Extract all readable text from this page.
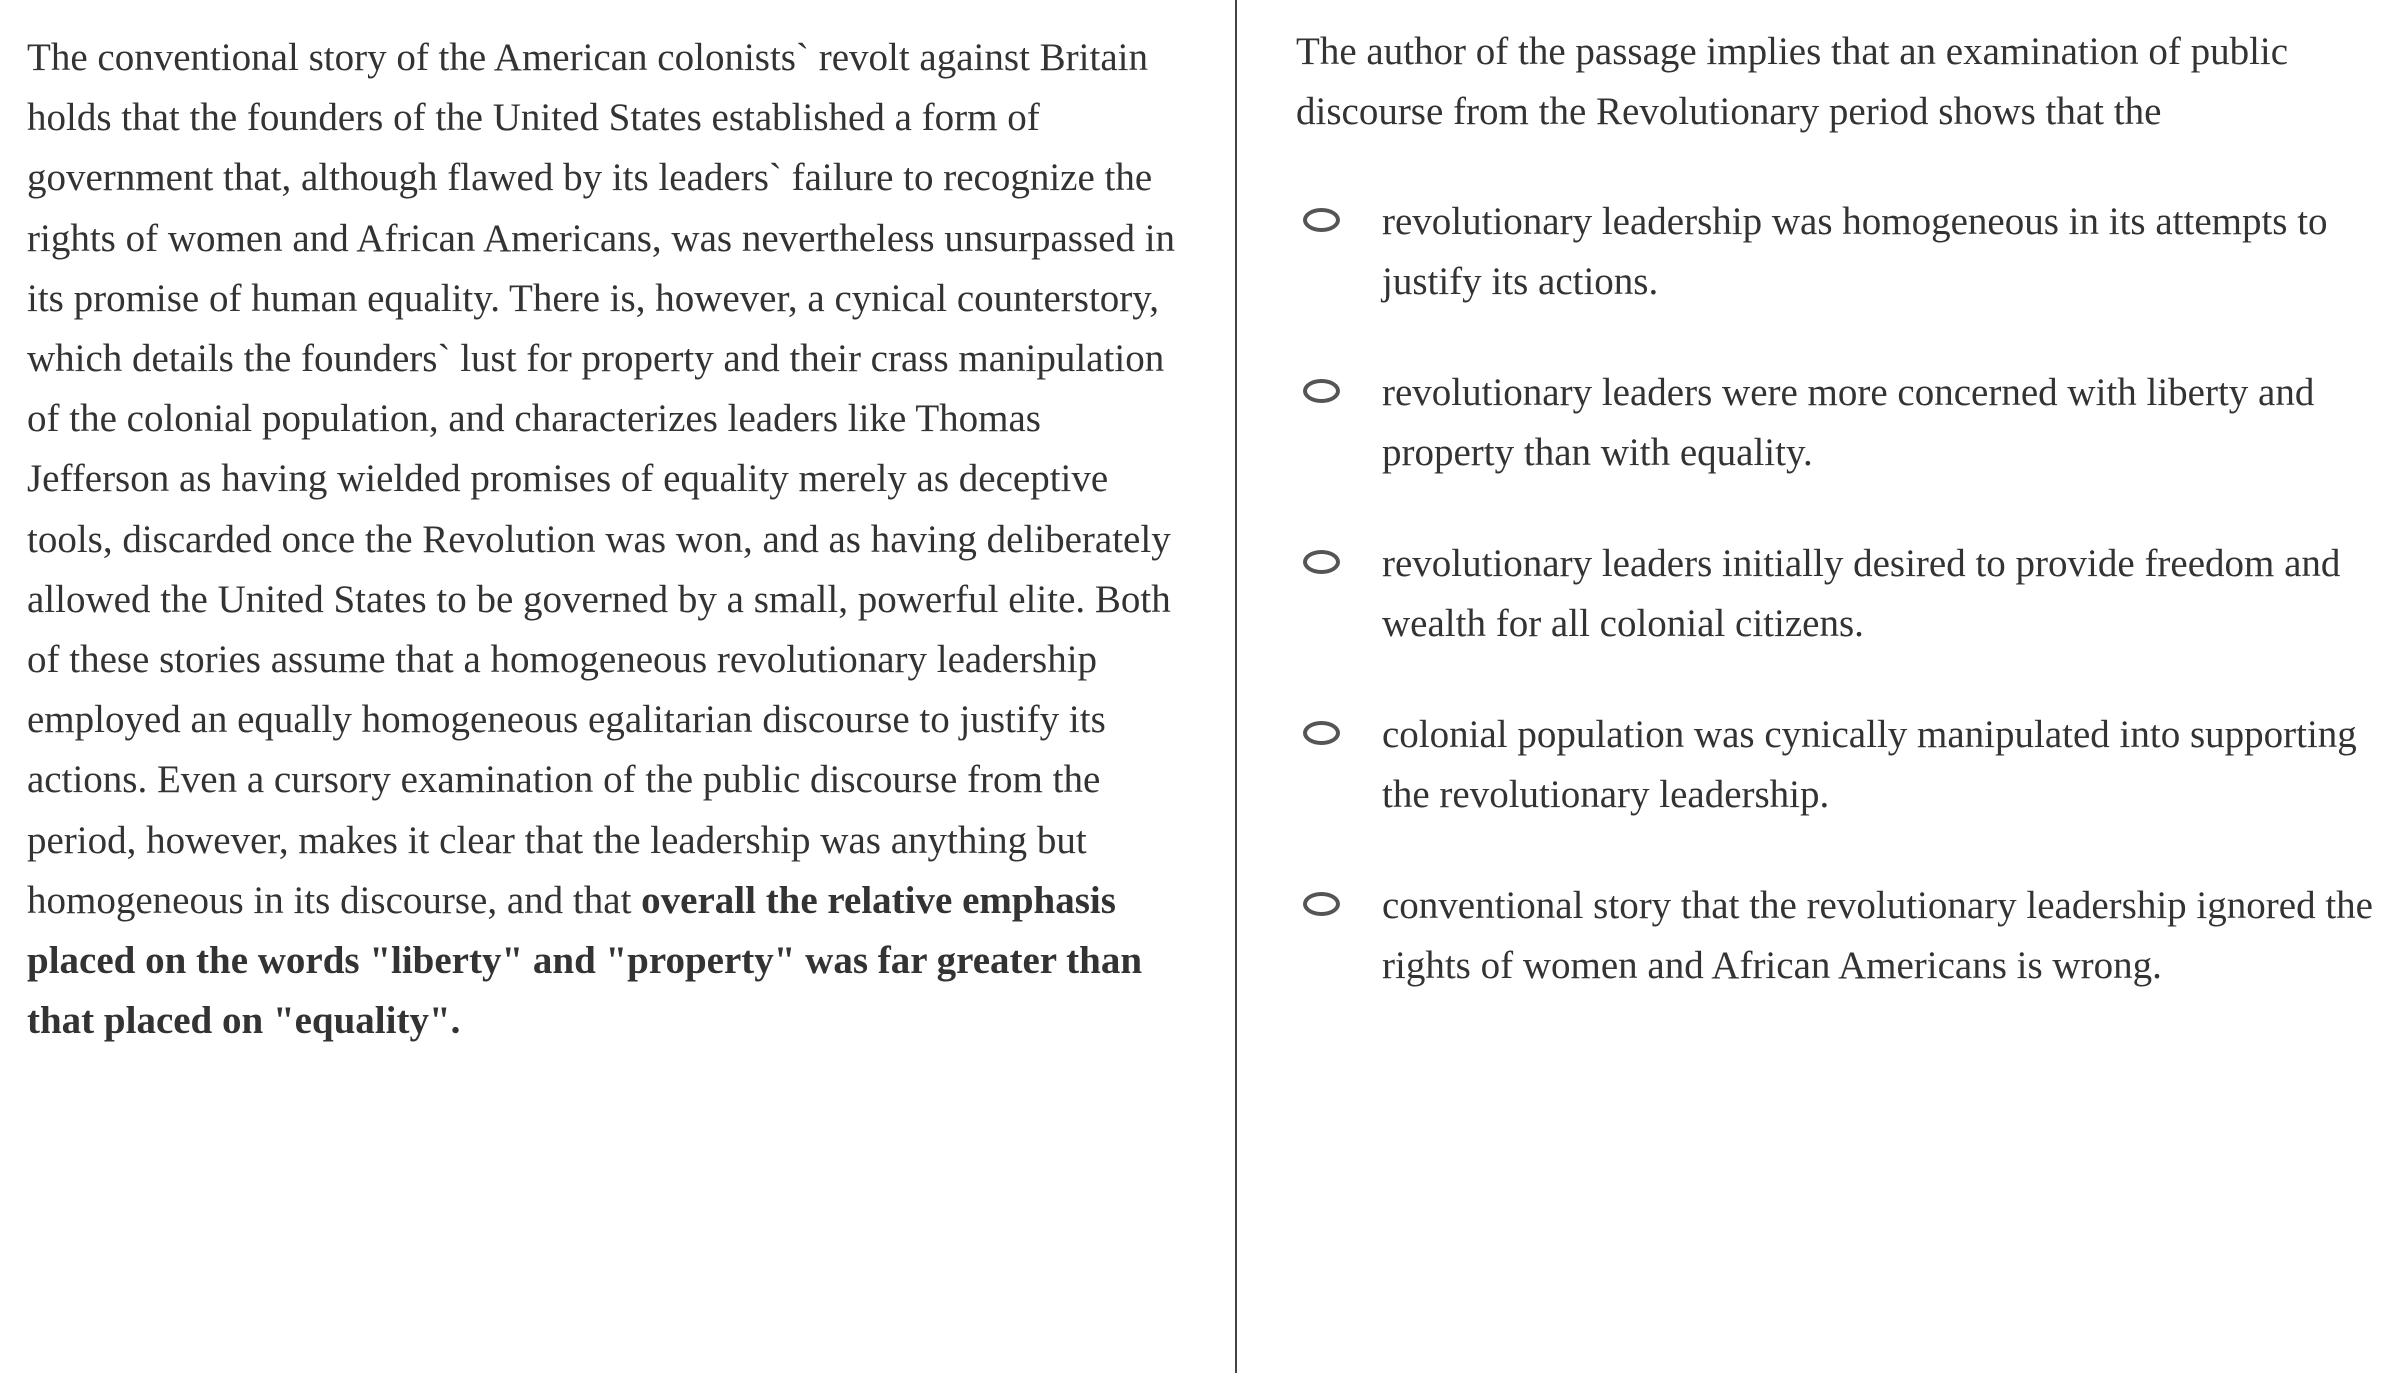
The conventional story of the American colonists` revolt against Britain holds that the founders of the United States established a form of government that, although flawed by its leaders` failure to recognize the rights of women and African Americans, was nevertheless unsurpassed in its promise of human equality. There is, however, a cynical counterstory, which details the founders` lust for property and their crass manipulation of the colonial population, and characterizes leaders like Thomas Jefferson as having wielded promises of equality merely as deceptive tools, discarded once the Revolution was won, and as having deliberately allowed the United States to be governed by a small, powerful elite. Both of these stories assume that a homogeneous revolutionary leadership employed an equally homogeneous egalitarian discourse to justify its actions. Even a cursory examination of the public discourse from the period, however, makes it clear that the leadership was anything but homogeneous in its discourse, and that overall the relative emphasis placed on the words "liberty" and "property" was far greater than that placed on "equality".

The author of the passage implies that an examination of public discourse from the Revolutionary period shows that the

revolutionary leadership was homogeneous in its attempts to justify its actions.
revolutionary leaders were more concerned with liberty and property than with equality.
revolutionary leaders initially desired to provide freedom and wealth for all colonial citizens.
colonial population was cynically manipulated into supporting the revolutionary leadership.
conventional story that the revolutionary leadership ignored the rights of women and African Americans is wrong.
